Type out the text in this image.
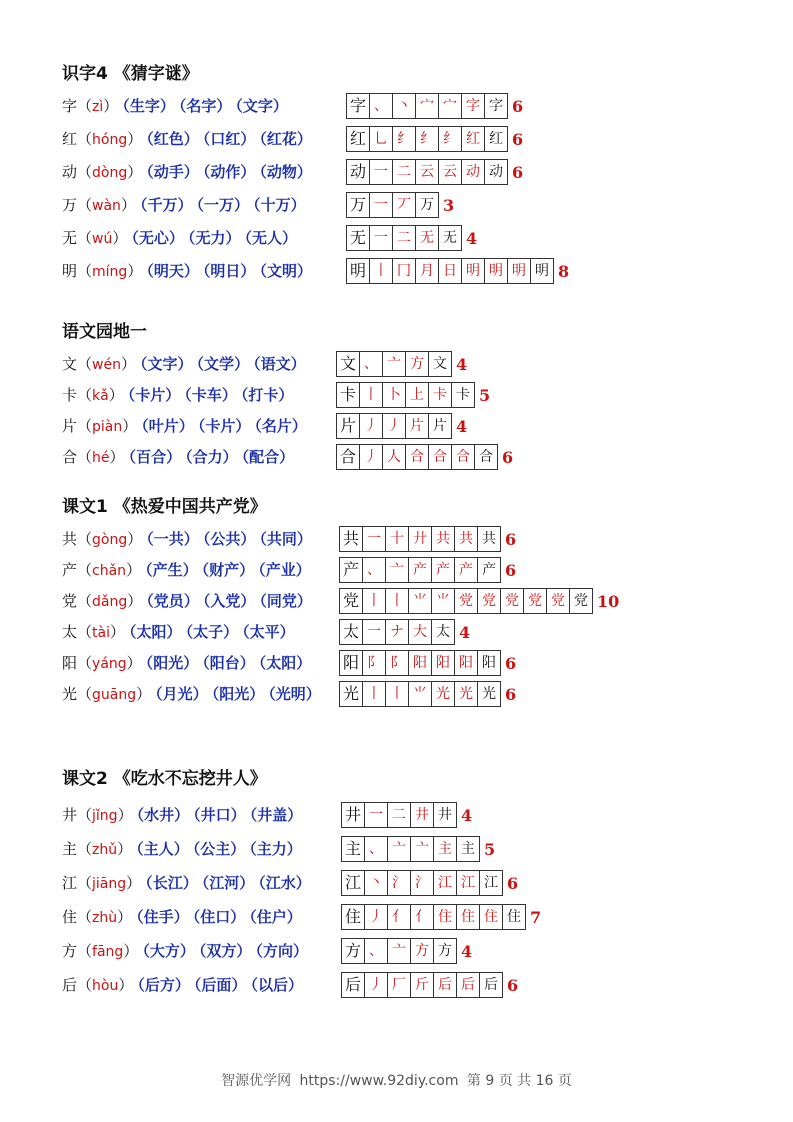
识字4 《猜字谜》
字（zì） （生字） （名字） （文字）	字 、 丶 宀 宀 字 字 6
红（hóng） （红色） （口红） （红花） 红 乚 纟 纟 纟 红 红 6
动（dòng） （动手） （动作） （动物） 动 一 二 云 云 动 动 6
万（wàn） （千万） （一万） （十万）	万 一 丆 万 3
无（wú） （无心） （无力） （无人）	无 一 二 无 无 4
明（míng） （明天） （明日） （文明） 明 丨 冂 月 日 明 明 明 明 8
语文园地一
文（wén） （文字） （文学） （语文） 文 、 亠 方 文 4
卡（kǎ） （卡片） （卡车） （打卡）	卡 丨 卜 上 卡 卡 5
片（piàn） （叶片） （卡片） （名片） 片 丿 丿 片 片 4
合（hé） （百合） （合力） （配合）	合 丿 人 合 合 合 合 6
课文1 《热爱中国共产党》
共（gòng） （一共） （公共） （共同） 共 一 十 廾 共 共 共 6
产（chǎn） （产生） （财产） （产业） 产 、 亠 产 产 产 产 6
党（dǎng） （党员） （入党） （同党） 党 丨 丨 ⺌ ⺌ 党 党 党 党 党 党 10
太（tài） （太阳） （太子） （太平）	太 一 ナ 大 太 4
阳（yáng） （阳光） （阳台） （太阳） 阳 阝 阝 阳 阳 阳 阳 6
光（guāng） （月光） （阳光） （光明） 光 丨 丨 ⺌ 光 光 光 6
课文2 《吃水不忘挖井人》
井（jǐng） （水井） （井口） （井盖）	井 一 二 井 井 4
主（zhǔ） （主人） （公主） （主力）	主 、 亠 亠 主 主 5
江（jiāng） （长江） （江河） （江水） 江 丶 氵 氵 江 江 江 6
住（zhù） （住手） （住口） （住户）	住 丿 亻 亻 住 住 住 住 7
方（fāng） （大方） （双方） （方向） 方 、 亠 方 方 4
后（hòu） （后方） （后面） （以后）	后 丿 厂 斤 后 后 后 6
智源优学网 https://www.92diy.com 第 9 页 共 16 页
